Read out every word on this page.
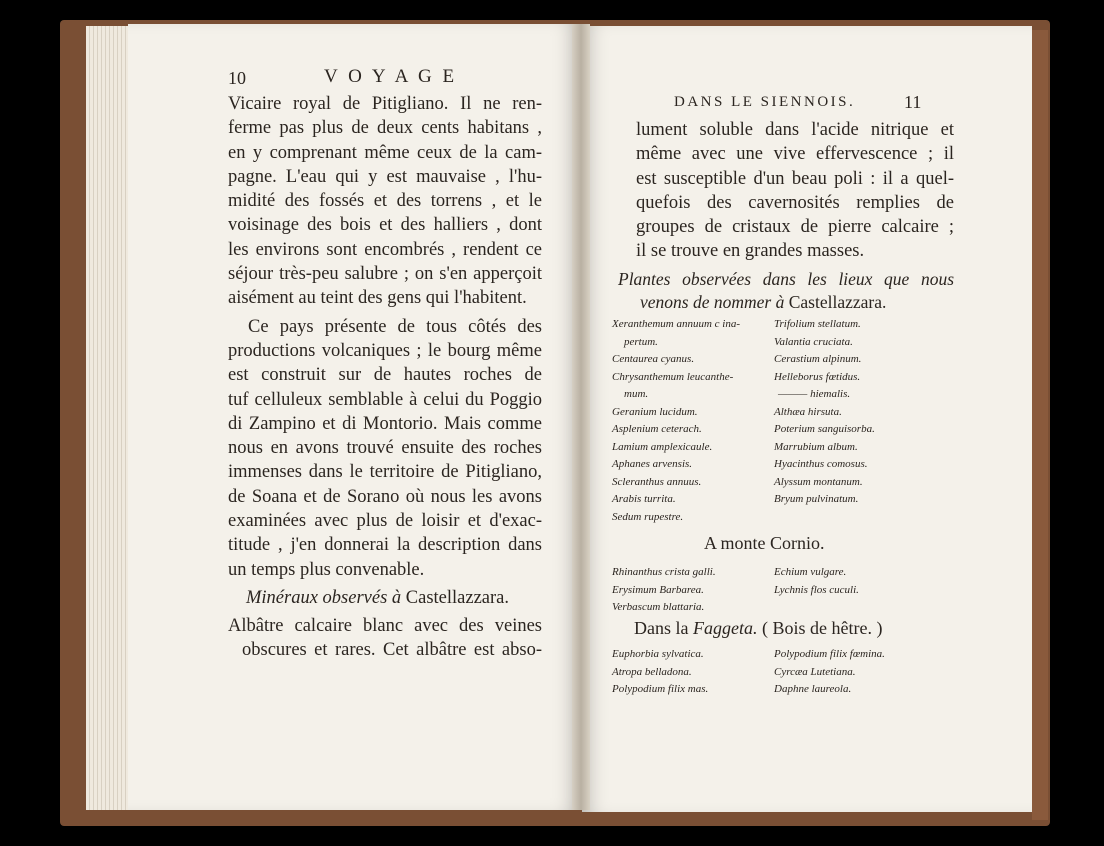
10	V O Y A G E
Vicaire royal de Pitigliano. Il ne ren-
ferme pas plus de deux cents habitans ,
en y comprenant même ceux de la cam-
pagne. L'eau qui y est mauvaise , l'hu-
midité des fossés et des torrens , et le
voisinage des bois et des halliers , dont
les environs sont encombrés , rendent ce
séjour très-peu salubre ; on s'en apperçoit
aisément au teint des gens qui l'habitent.
Ce pays présente de tous côtés des
productions volcaniques ; le bourg même
est construit sur de hautes roches de
tuf celluleux semblable à celui du Poggio
di Zampino et di Montorio. Mais comme
nous en avons trouvé ensuite des roches
immenses dans le territoire de Pitigliano,
de Soana et de Sorano où nous les avons
examinées avec plus de loisir et d'exac-
titude , j'en donnerai la description dans
un temps plus convenable.
Minéraux observés à Castellazzara.
Albâtre calcaire blanc avec des veines
obscures et rares. Cet albâtre est abso-
DANS LE SIENNOIS.	11
lument soluble dans l'acide nitrique et
même avec une vive effervescence ; il
est susceptible d'un beau poli : il a quel-
quefois des cavernosités remplies de
groupes de cristaux de pierre calcaire ;
il se trouve en grandes masses.
Plantes observées dans les lieux que nous
venons de nommer à Castellazzara.
Xeranthemum annuum c ina-
pertum.
Centaurea cyanus.
Chrysanthemum leucanthe-
mum.
Geranium lucidum.
Asplenium ceterach.
Lamium amplexicaule.
Aphanes arvensis.
Scleranthus annuus.
Arabis turrita.
Sedum rupestre.
Trifolium stellatum.
Valantia cruciata.
Cerastium alpinum.
Helleborus fœtidus.
——— hiemalis.
Althæa hirsuta.
Poterium sanguisorba.
Marrubium album.
Hyacinthus comosus.
Alyssum montanum.
Bryum pulvinatum.
A monte Cornio.
Rhinanthus crista galli.
Erysimum Barbarea.
Verbascum blattaria.
Echium vulgare.
Lychnis flos cuculi.
Dans la Faggeta. ( Bois de hêtre. )
Euphorbia sylvatica.
Atropa belladona.
Polypodium filix mas.
Polypodium filix fœmina.
Cyrcæa Lutetiana.
Daphne laureola.
